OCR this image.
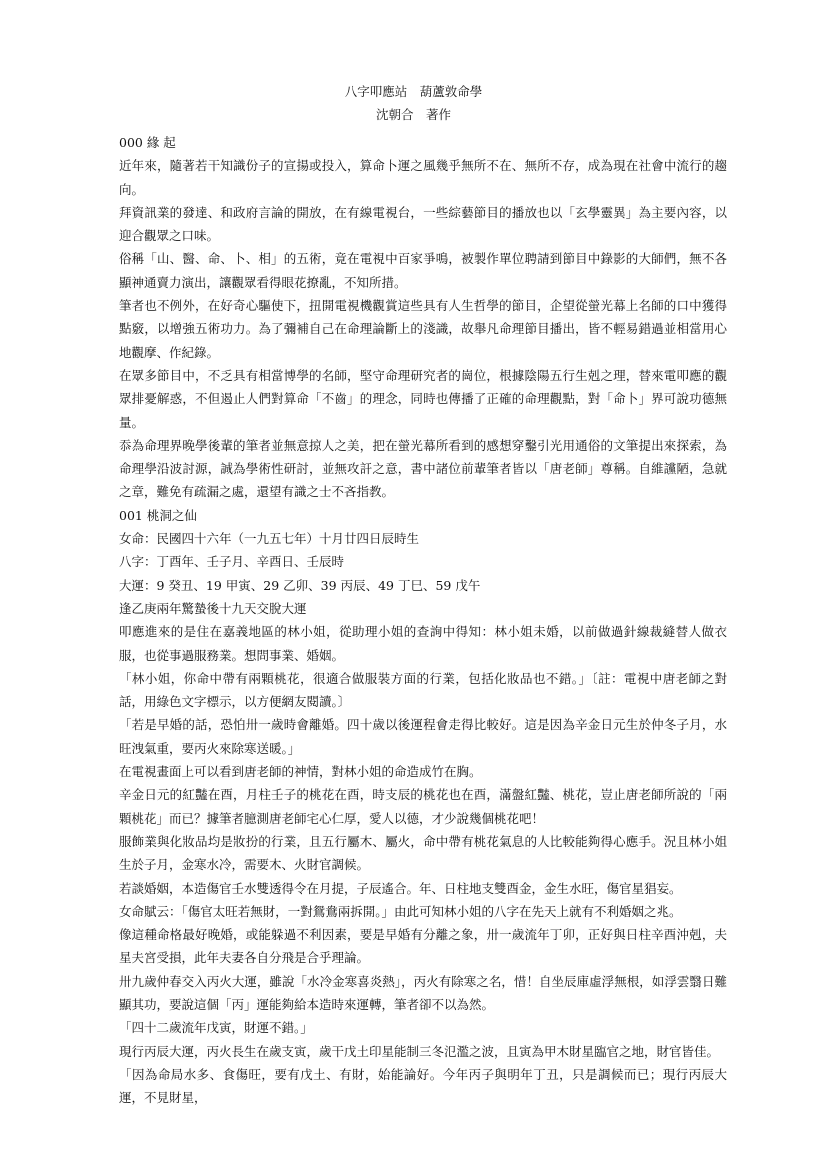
八字叩應站　葫蘆敦命學
沈朝合　著作

000 緣 起

近年來，隨著若干知識份子的宣揚或投入，算命卜運之風幾乎無所不在、無所不存，成為現在社會中流行的趨向。

拜資訊業的發達、和政府言論的開放，在有線電視台，一些綜藝節目的播放也以「玄學靈異」為主要內容，以迎合觀眾之口味。

俗稱「山、醫、命、卜、相」的五術，竟在電視中百家爭鳴，被製作單位聘請到節目中錄影的大師們，無不各顯神通賣力演出，讓觀眾看得眼花撩亂，不知所措。

筆者也不例外，在好奇心驅使下，扭開電視機觀賞這些具有人生哲學的節目，企望從螢光幕上名師的口中獲得點竅，以增強五術功力。為了彌補自己在命理論斷上的淺識，故舉凡命理節目播出，皆不輕易錯過並相當用心地觀摩、作紀錄。

在眾多節目中，不乏具有相當博學的名師，堅守命理研究者的崗位，根據陰陽五行生剋之理，替來電叩應的觀眾排憂解惑，不但遏止人們對算命「不齒」的理念，同時也傳播了正確的命理觀點，對「命卜」界可說功德無量。

忝為命理界晚學後輩的筆者並無意掠人之美，把在螢光幕所看到的感想穿鑿引光用通俗的文筆提出來探索，為命理學沿波討源，誠為學術性研討，並無攻訐之意，書中諸位前輩筆者皆以「唐老師」尊稱。自維讜陋，急就之章，難免有疏漏之處，還望有識之士不吝指教。

001 桃洞之仙

女命：民國四十六年（一九五七年）十月廿四日辰時生

八字：丁酉年、壬子月、辛酉日、壬辰時

大運：9 癸丑、19 甲寅、29 乙卯、39 丙辰、49 丁巳、59 戊午

逢乙庚兩年驚蟄後十九天交脫大運

叩應進來的是住在嘉義地區的林小姐，從助理小姐的查詢中得知：林小姐未婚，以前做過針線裁縫替人做衣服，也從事過服務業。想問事業、婚姻。

「林小姐，你命中帶有兩顆桃花，很適合做服裝方面的行業，包括化妝品也不錯。」〔註：電視中唐老師之對話，用綠色文字標示，以方便網友閱讀。〕

「若是早婚的話，恐怕卅一歲時會離婚。四十歲以後運程會走得比較好。這是因為辛金日元生於仲冬子月，水旺洩氣重，要丙火來除寒送暖。」

在電視畫面上可以看到唐老師的神情，對林小姐的命造成竹在胸。

辛金日元的紅豔在酉，月柱壬子的桃花在酉，時支辰的桃花也在酉，滿盤紅豔、桃花，豈止唐老師所說的「兩顆桃花」而已？據筆者臆測唐老師宅心仁厚，愛人以德，才少說幾個桃花吧！

服飾業與化妝品均是妝扮的行業，且五行屬木、屬火，命中帶有桃花氣息的人比較能夠得心應手。況且林小姐生於子月，金寒水冷，需要木、火財官調候。

若談婚姻，本造傷官壬水雙透得令在月提，子辰遙合。年、日柱地支雙酉金，金生水旺，傷官星猖妄。

女命賦云：「傷官太旺若無財，一對鴛鴦兩拆開。」由此可知林小姐的八字在先天上就有不利婚姻之兆。

像這種命格最好晚婚，或能躲過不利因素，要是早婚有分離之象，卅一歲流年丁卯，正好與日柱辛酉沖剋，夫星夫宮受損，此年夫妻各自分飛是合乎理論。

卅九歲仲春交入丙火大運，雖說「水冷金寒喜炎熱」，丙火有除寒之名，惜！自坐辰庫虛浮無根，如浮雲翳日難顯其功，要說這個「丙」運能夠給本造時來運轉，筆者卻不以為然。

「四十二歲流年戊寅，財運不錯。」

現行丙辰大運，丙火長生在歲支寅，歲干戊土印星能制三冬氾濫之波，且寅為甲木財星臨官之地，財官皆佳。

「因為命局水多、食傷旺，要有戊土、有財，始能論好。今年丙子與明年丁丑，只是調候而已；現行丙辰大運，不見財星，
